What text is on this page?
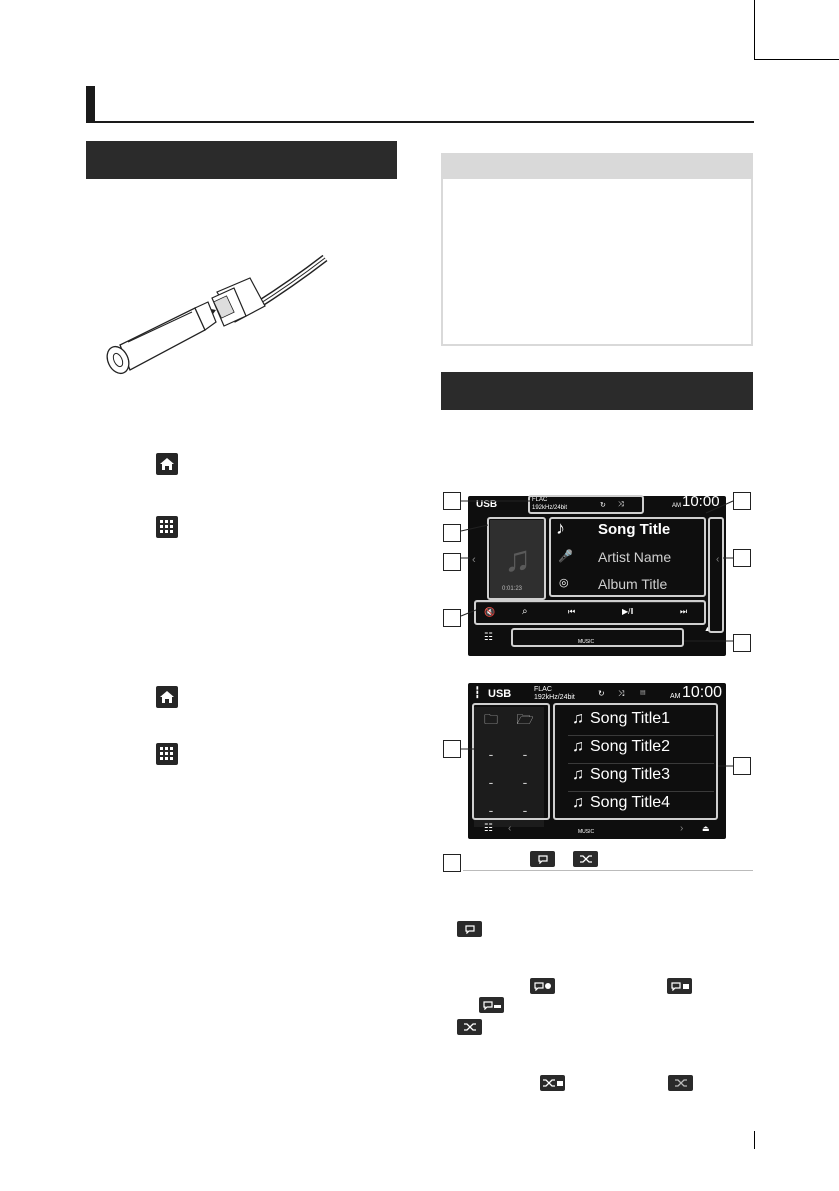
USB	FLAC
192kHz/24bit	↻ ⤨	AM 10:00
♫
0:01:23
‹
♪ Song Title
🎤 Artist Name
◎ Album Title
‹
🔇	⌕	⏮	▶/‖	⏭
☷	MUSIC
▲
┇ USB	FLAC
192kHz/24bit	↻ ⤨	▤	AM 10:00
🗀	🗁
-	-
-	-
-	-
♫ Song Title1
♫ Song Title2
♫ Song Title3
♫ Song Title4
☷ ‹	MUSIC	› ⏏
